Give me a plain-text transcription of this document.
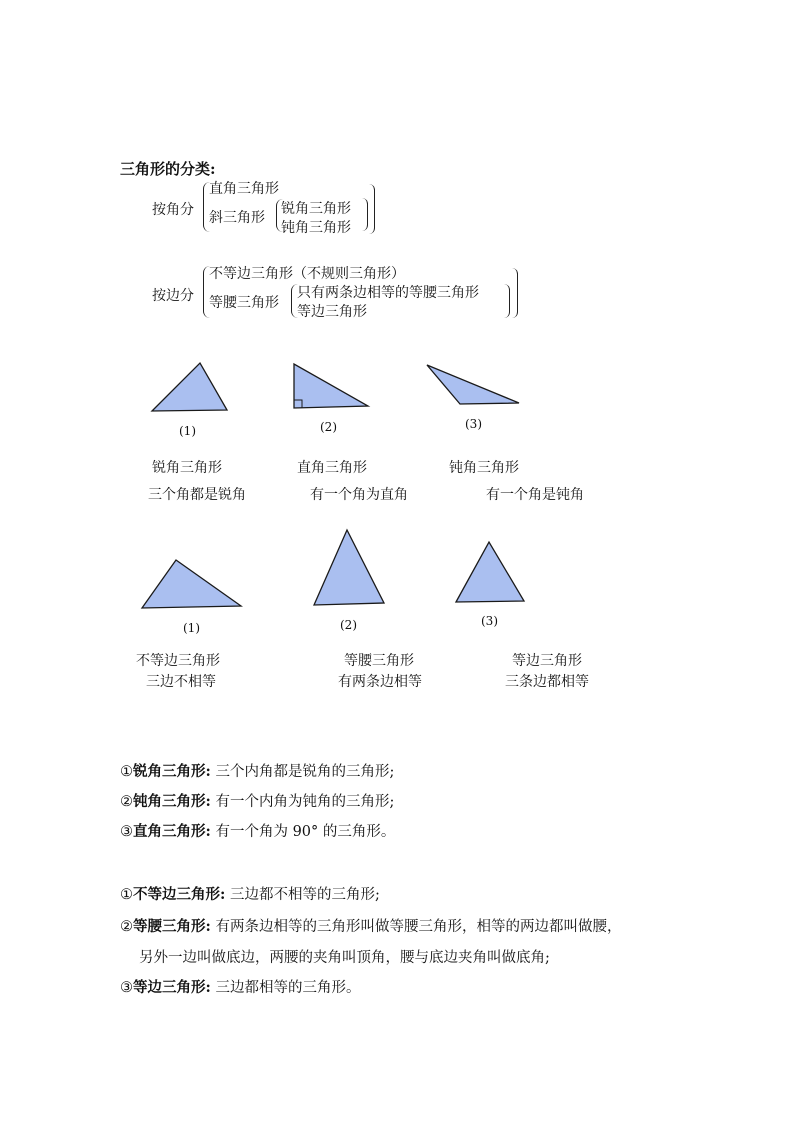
三角形的分类:
按角分
直角三角形
斜三角形
锐角三角形
钝角三角形
按边分
不等边三角形（不规则三角形）
等腰三角形
只有两条边相等的等腰三角形
等边三角形
(1)	(2)	(3)
锐角三角形	直角三角形	钝角三角形
三个角都是锐角	有一个角为直角	有一个角是钝角
(1)	(2)	(3)
不等边三角形	等腰三角形	等边三角形
三边不相等	有两条边相等	三条边都相等
①锐角三角形: 三个内角都是锐角的三角形;
②钝角三角形: 有一个内角为钝角的三角形;
③直角三角形: 有一个角为 90° 的三角形。
①不等边三角形: 三边都不相等的三角形;
②等腰三角形: 有两条边相等的三角形叫做等腰三角形，相等的两边都叫做腰，
另外一边叫做底边，两腰的夹角叫顶角，腰与底边夹角叫做底角;
③等边三角形: 三边都相等的三角形。
